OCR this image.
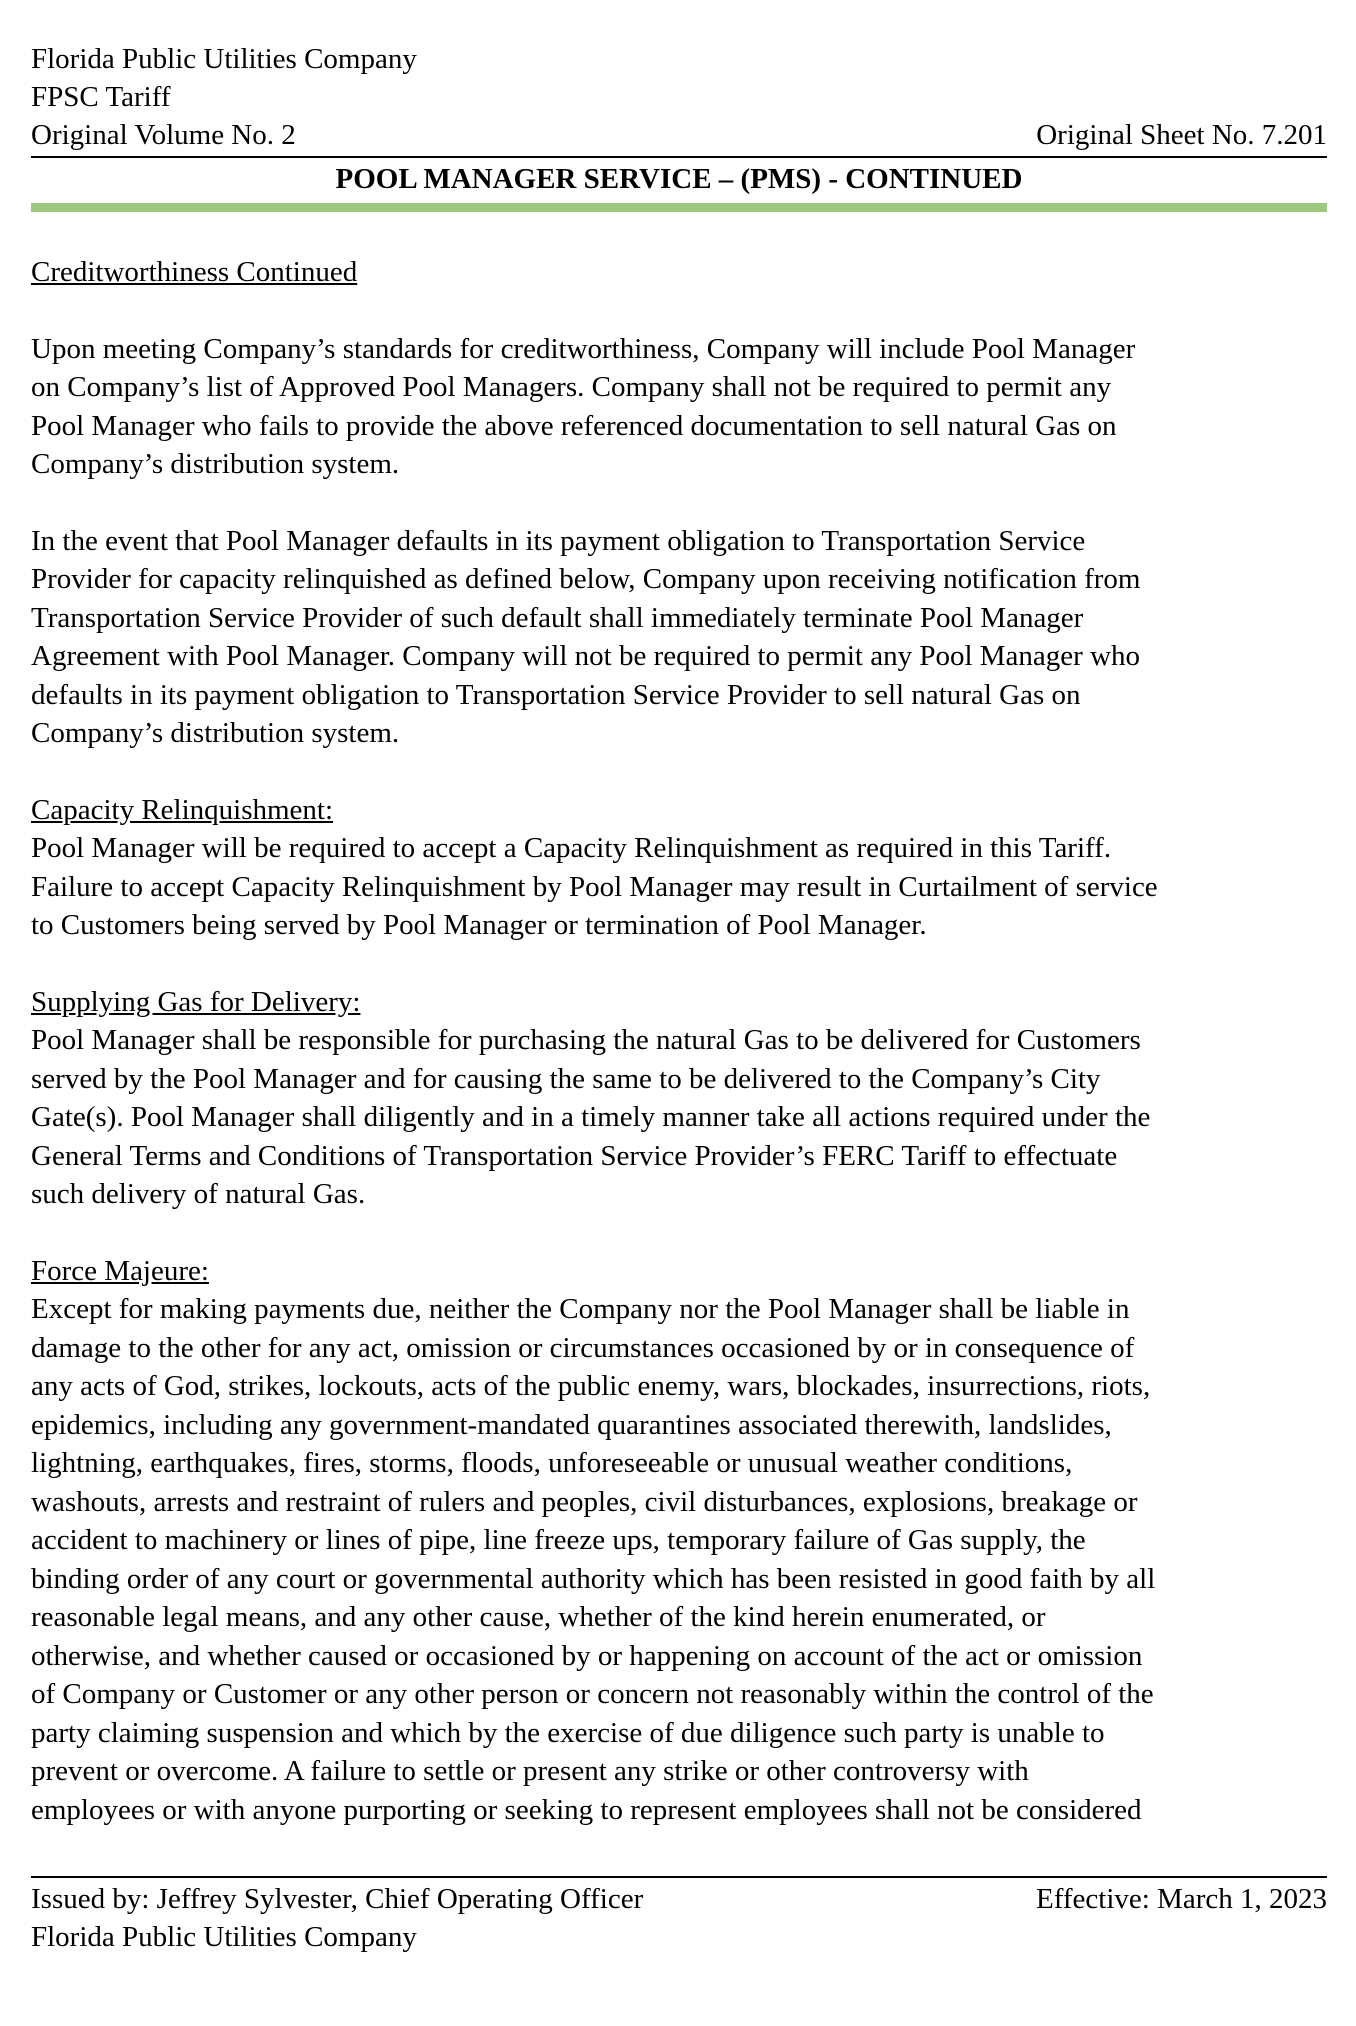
Florida Public Utilities Company
FPSC Tariff
Original Volume No. 2	Original Sheet No. 7.201
POOL MANAGER SERVICE – (PMS) - CONTINUED
Creditworthiness Continued
Upon meeting Company’s standards for creditworthiness, Company will include Pool Manager
on Company’s list of Approved Pool Managers. Company shall not be required to permit any
Pool Manager who fails to provide the above referenced documentation to sell natural Gas on
Company’s distribution system.
In the event that Pool Manager defaults in its payment obligation to Transportation Service
Provider for capacity relinquished as defined below, Company upon receiving notification from
Transportation Service Provider of such default shall immediately terminate Pool Manager
Agreement with Pool Manager. Company will not be required to permit any Pool Manager who
defaults in its payment obligation to Transportation Service Provider to sell natural Gas on
Company’s distribution system.
Capacity Relinquishment:
Pool Manager will be required to accept a Capacity Relinquishment as required in this Tariff.
Failure to accept Capacity Relinquishment by Pool Manager may result in Curtailment of service
to Customers being served by Pool Manager or termination of Pool Manager.
Supplying Gas for Delivery:
Pool Manager shall be responsible for purchasing the natural Gas to be delivered for Customers
served by the Pool Manager and for causing the same to be delivered to the Company’s City
Gate(s). Pool Manager shall diligently and in a timely manner take all actions required under the
General Terms and Conditions of Transportation Service Provider’s FERC Tariff to effectuate
such delivery of natural Gas.
Force Majeure:
Except for making payments due, neither the Company nor the Pool Manager shall be liable in
damage to the other for any act, omission or circumstances occasioned by or in consequence of
any acts of God, strikes, lockouts, acts of the public enemy, wars, blockades, insurrections, riots,
epidemics, including any government-mandated quarantines associated therewith, landslides,
lightning, earthquakes, fires, storms, floods, unforeseeable or unusual weather conditions,
washouts, arrests and restraint of rulers and peoples, civil disturbances, explosions, breakage or
accident to machinery or lines of pipe, line freeze ups, temporary failure of Gas supply, the
binding order of any court or governmental authority which has been resisted in good faith by all
reasonable legal means, and any other cause, whether of the kind herein enumerated, or
otherwise, and whether caused or occasioned by or happening on account of the act or omission
of Company or Customer or any other person or concern not reasonably within the control of the
party claiming suspension and which by the exercise of due diligence such party is unable to
prevent or overcome. A failure to settle or present any strike or other controversy with
employees or with anyone purporting or seeking to represent employees shall not be considered
Issued by: Jeffrey Sylvester, Chief Operating Officer	Effective: March 1, 2023
Florida Public Utilities Company
